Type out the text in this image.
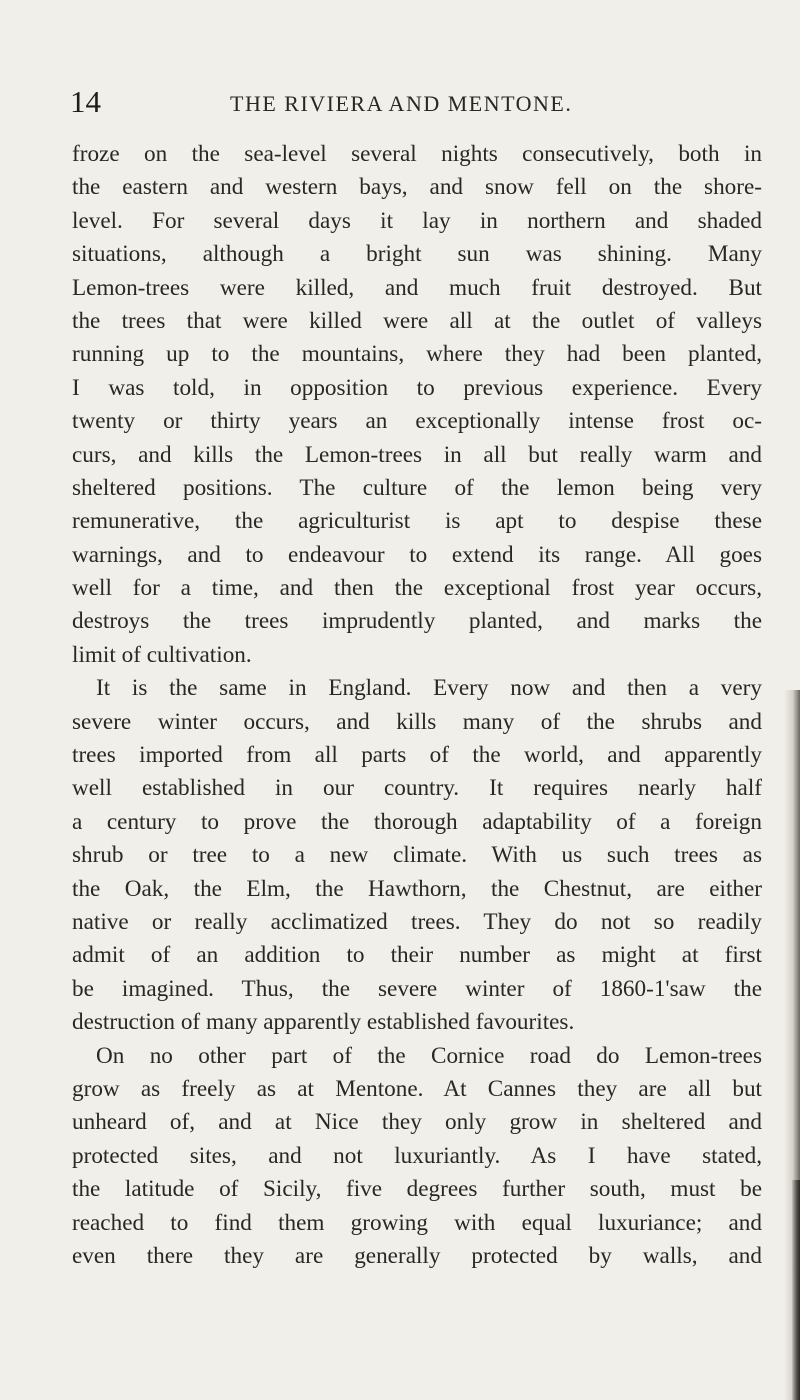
14	THE RIVIERA AND MENTONE.
froze on the sea-level several nights consecutively, both in
the eastern and western bays, and snow fell on the shore-
level. For several days it lay in northern and shaded
situations, although a bright sun was shining. Many
Lemon-trees were killed, and much fruit destroyed. But
the trees that were killed were all at the outlet of valleys
running up to the mountains, where they had been planted,
I was told, in opposition to previous experience. Every
twenty or thirty years an exceptionally intense frost oc-
curs, and kills the Lemon-trees in all but really warm and
sheltered positions. The culture of the lemon being very
remunerative, the agriculturist is apt to despise these
warnings, and to endeavour to extend its range. All goes
well for a time, and then the exceptional frost year occurs,
destroys the trees imprudently planted, and marks the
limit of cultivation.
It is the same in England. Every now and then a very
severe winter occurs, and kills many of the shrubs and
trees imported from all parts of the world, and apparently
well established in our country. It requires nearly half
a century to prove the thorough adaptability of a foreign
shrub or tree to a new climate. With us such trees as
the Oak, the Elm, the Hawthorn, the Chestnut, are either
native or really acclimatized trees. They do not so readily
admit of an addition to their number as might at first
be imagined. Thus, the severe winter of 1860-1'saw the
destruction of many apparently established favourites.
On no other part of the Cornice road do Lemon-trees
grow as freely as at Mentone. At Cannes they are all but
unheard of, and at Nice they only grow in sheltered and
protected sites, and not luxuriantly. As I have stated,
the latitude of Sicily, five degrees further south, must be
reached to find them growing with equal luxuriance; and
even there they are generally protected by walls, and
